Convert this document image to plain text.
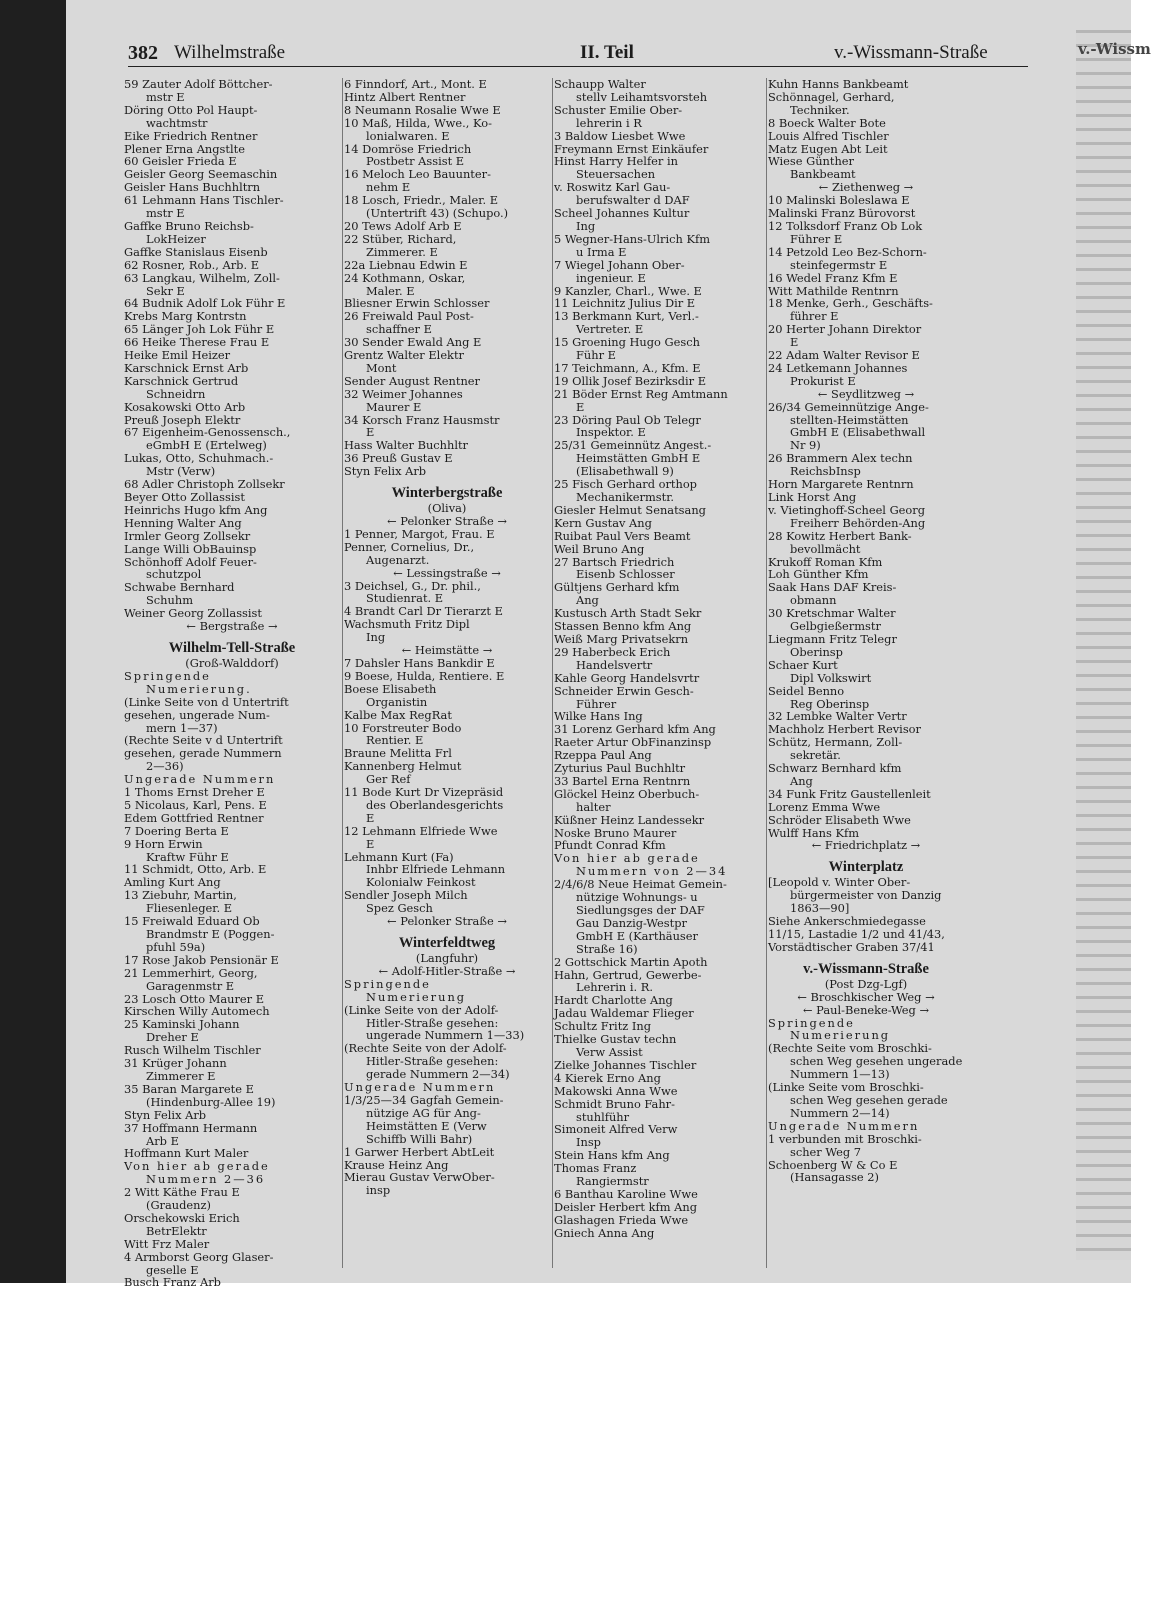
382 Wilhelmstraße	II. Teil	v.-Wissmann-Straße
59 Zauter Adolf Böttcher-
mstr E
Döring Otto Pol Haupt-
wachtmstr
Eike Friedrich Rentner
Plener Erna Angstlte
60 Geisler Frieda E
Geisler Georg Seemaschin
Geisler Hans Buchhltrn
61 Lehmann Hans Tischler-
mstr E
Gaffke Bruno Reichsb-
LokHeizer
Gaffke Stanislaus Eisenb
62 Rosner, Rob., Arb. E
63 Langkau, Wilhelm, Zoll-
Sekr E
64 Budnik Adolf Lok Führ E
Krebs Marg Kontrstn
65 Länger Joh Lok Führ E
66 Heike Therese Frau E
Heike Emil Heizer
Karschnick Ernst Arb
Karschnick Gertrud
Schneidrn
Kosakowski Otto Arb
Preuß Joseph Elektr
67 Eigenheim-Genossensch.,
eGmbH E (Ertelweg)
Lukas, Otto, Schuhmach.-
Mstr (Verw)
68 Adler Christoph Zollsekr
Beyer Otto Zollassist
Heinrichs Hugo kfm Ang
Henning Walter Ang
Irmler Georg Zollsekr
Lange Willi ObBauinsp
Schönhoff Adolf Feuer-
schutzpol
Schwabe Bernhard
Schuhm
Weiner Georg Zollassist
← Bergstraße →
Wilhelm-Tell-Straße
(Groß-Walddorf)
Springende
Numerierung.
(Linke Seite von d Untertrift
gesehen, ungerade Num-
mern 1—37)
(Rechte Seite v d Untertrift
gesehen, gerade Nummern
2—36)
Ungerade Nummern
1 Thoms Ernst Dreher E
5 Nicolaus, Karl, Pens. E
Edem Gottfried Rentner
7 Doering Berta E
9 Horn Erwin
Kraftw Führ E
11 Schmidt, Otto, Arb. E
Amling Kurt Ang
13 Ziebuhr, Martin,
Fliesenleger. E
15 Freiwald Eduard Ob
Brandmstr E (Poggen-
pfuhl 59a)
17 Rose Jakob Pensionär E
21 Lemmerhirt, Georg,
Garagenmstr E
23 Losch Otto Maurer E
Kirschen Willy Automech
25 Kaminski Johann
Dreher E
Rusch Wilhelm Tischler
31 Krüger Johann
Zimmerer E
35 Baran Margarete E
(Hindenburg-Allee 19)
Styn Felix Arb
37 Hoffmann Hermann
Arb E
Hoffmann Kurt Maler
Von hier ab gerade
Nummern 2—36
2 Witt Käthe Frau E
(Graudenz)
Orschekowski Erich
BetrElektr
Witt Frz Maler
4 Armborst Georg Glaser-
geselle E
Busch Franz Arb
6 Finndorf, Art., Mont. E
Hintz Albert Rentner
8 Neumann Rosalie Wwe E
10 Maß, Hilda, Wwe., Ko-
lonialwaren. E
14 Domröse Friedrich
Postbetr Assist E
16 Meloch Leo Bauunter-
nehm E
18 Losch, Friedr., Maler. E
(Untertrift 43) (Schupo.)
20 Tews Adolf Arb E
22 Stüber, Richard,
Zimmerer. E
22a Liebnau Edwin E
24 Kothmann, Oskar,
Maler. E
Bliesner Erwin Schlosser
26 Freiwald Paul Post-
schaffner E
30 Sender Ewald Ang E
Grentz Walter Elektr
Mont
Sender August Rentner
32 Weimer Johannes
Maurer E
34 Korsch Franz Hausmstr
E
Hass Walter Buchhltr
36 Preuß Gustav E
Styn Felix Arb
Winterbergstraße
(Oliva)
← Pelonker Straße →
1 Penner, Margot, Frau. E
Penner, Cornelius, Dr.,
Augenarzt.
← Lessingstraße →
3 Deichsel, G., Dr. phil.,
Studienrat. E
4 Brandt Carl Dr Tierarzt E
Wachsmuth Fritz Dipl
Ing
← Heimstätte →
7 Dahsler Hans Bankdir E
9 Boese, Hulda, Rentiere. E
Boese Elisabeth
Organistin
Kalbe Max RegRat
10 Forstreuter Bodo
Rentier. E
Braune Melitta Frl
Kannenberg Helmut
Ger Ref
11 Bode Kurt Dr Vizepräsid
des Oberlandesgerichts
E
12 Lehmann Elfriede Wwe
E
Lehmann Kurt (Fa)
Inhbr Elfriede Lehmann
Kolonialw Feinkost
Sendler Joseph Milch
Spez Gesch
← Pelonker Straße →
Winterfeldtweg
(Langfuhr)
← Adolf-Hitler-Straße →
Springende
Numerierung
(Linke Seite von der Adolf-
Hitler-Straße gesehen:
ungerade Nummern 1—33)
(Rechte Seite von der Adolf-
Hitler-Straße gesehen:
gerade Nummern 2—34)
Ungerade Nummern
1/3/25—34 Gagfah Gemein-
nützige AG für Ang-
Heimstätten E (Verw
Schiffb Willi Bahr)
1 Garwer Herbert AbtLeit
Krause Heinz Ang
Mierau Gustav VerwOber-
insp
Schaupp Walter
stellv Leihamtsvorsteh
Schuster Emilie Ober-
lehrerin i R
3 Baldow Liesbet Wwe
Freymann Ernst Einkäufer
Hinst Harry Helfer in
Steuersachen
v. Roswitz Karl Gau-
berufswalter d DAF
Scheel Johannes Kultur
Ing
5 Wegner-Hans-Ulrich Kfm
u Irma E
7 Wiegel Johann Ober-
ingenieur. E
9 Kanzler, Charl., Wwe. E
11 Leichnitz Julius Dir E
13 Berkmann Kurt, Verl.-
Vertreter. E
15 Groening Hugo Gesch
Führ E
17 Teichmann, A., Kfm. E
19 Ollik Josef Bezirksdir E
21 Böder Ernst Reg Amtmann
E
23 Döring Paul Ob Telegr
Inspektor. E
25/31 Gemeinnütz Angest.-
Heimstätten GmbH E
(Elisabethwall 9)
25 Fisch Gerhard orthop
Mechanikermstr.
Giesler Helmut Senatsang
Kern Gustav Ang
Ruibat Paul Vers Beamt
Weil Bruno Ang
27 Bartsch Friedrich
Eisenb Schlosser
Gültjens Gerhard kfm
Ang
Kustusch Arth Stadt Sekr
Stassen Benno kfm Ang
Weiß Marg Privatsekrn
29 Haberbeck Erich
Handelsvertr
Kahle Georg Handelsvrtr
Schneider Erwin Gesch-
Führer
Wilke Hans Ing
31 Lorenz Gerhard kfm Ang
Raeter Artur ObFinanzinsp
Rzeppa Paul Ang
Zyturius Paul Buchhltr
33 Bartel Erna Rentnrn
Glöckel Heinz Oberbuch-
halter
Küßner Heinz Landessekr
Noske Bruno Maurer
Pfundt Conrad Kfm
Von hier ab gerade
Nummern von 2—34
2/4/6/8 Neue Heimat Gemein-
nützige Wohnungs- u
Siedlungsges der DAF
Gau Danzig-Westpr
GmbH E (Karthäuser
Straße 16)
2 Gottschick Martin Apoth
Hahn, Gertrud, Gewerbe-
Lehrerin i. R.
Hardt Charlotte Ang
Jadau Waldemar Flieger
Schultz Fritz Ing
Thielke Gustav techn
Verw Assist
Zielke Johannes Tischler
4 Kierek Erno Ang
Makowski Anna Wwe
Schmidt Bruno Fahr-
stuhlführ
Simoneit Alfred Verw
Insp
Stein Hans kfm Ang
Thomas Franz
Rangiermstr
6 Banthau Karoline Wwe
Deisler Herbert kfm Ang
Glashagen Frieda Wwe
Gniech Anna Ang
Kuhn Hanns Bankbeamt
Schönnagel, Gerhard,
Techniker.
8 Boeck Walter Bote
Louis Alfred Tischler
Matz Eugen Abt Leit
Wiese Günther
Bankbeamt
← Ziethenweg →
10 Malinski Boleslawa E
Malinski Franz Bürovorst
12 Tolksdorf Franz Ob Lok
Führer E
14 Petzold Leo Bez-Schorn-
steinfegermstr E
16 Wedel Franz Kfm E
Witt Mathilde Rentnrn
18 Menke, Gerh., Geschäfts-
führer E
20 Herter Johann Direktor
E
22 Adam Walter Revisor E
24 Letkemann Johannes
Prokurist E
← Seydlitzweg →
26/34 Gemeinnützige Ange-
stellten-Heimstätten
GmbH E (Elisabethwall
Nr 9)
26 Brammern Alex techn
ReichsbInsp
Horn Margarete Rentnrn
Link Horst Ang
v. Vietinghoff-Scheel Georg
Freiherr Behörden-Ang
28 Kowitz Herbert Bank-
bevollmächt
Krukoff Roman Kfm
Loh Günther Kfm
Saak Hans DAF Kreis-
obmann
30 Kretschmar Walter
Gelbgießermstr
Liegmann Fritz Telegr
Oberinsp
Schaer Kurt
Dipl Volkswirt
Seidel Benno
Reg Oberinsp
32 Lembke Walter Vertr
Machholz Herbert Revisor
Schütz, Hermann, Zoll-
sekretär.
Schwarz Bernhard kfm
Ang
34 Funk Fritz Gaustellenleit
Lorenz Emma Wwe
Schröder Elisabeth Wwe
Wulff Hans Kfm
← Friedrichplatz →
Winterplatz
[Leopold v. Winter Ober-
bürgermeister von Danzig
1863—90]
Siehe Ankerschmiedegasse
11/15, Lastadie 1/2 und 41/43,
Vorstädtischer Graben 37/41
v.-Wissmann-Straße
(Post Dzg-Lgf)
← Broschkischer Weg →
← Paul-Beneke-Weg →
Springende
Numerierung
(Rechte Seite vom Broschki-
schen Weg gesehen ungerade
Nummern 1—13)
(Linke Seite vom Broschki-
schen Weg gesehen gerade
Nummern 2—14)
Ungerade Nummern
1 verbunden mit Broschki-
scher Weg 7
Schoenberg W & Co E
(Hansagasse 2)
v.-Wissm
